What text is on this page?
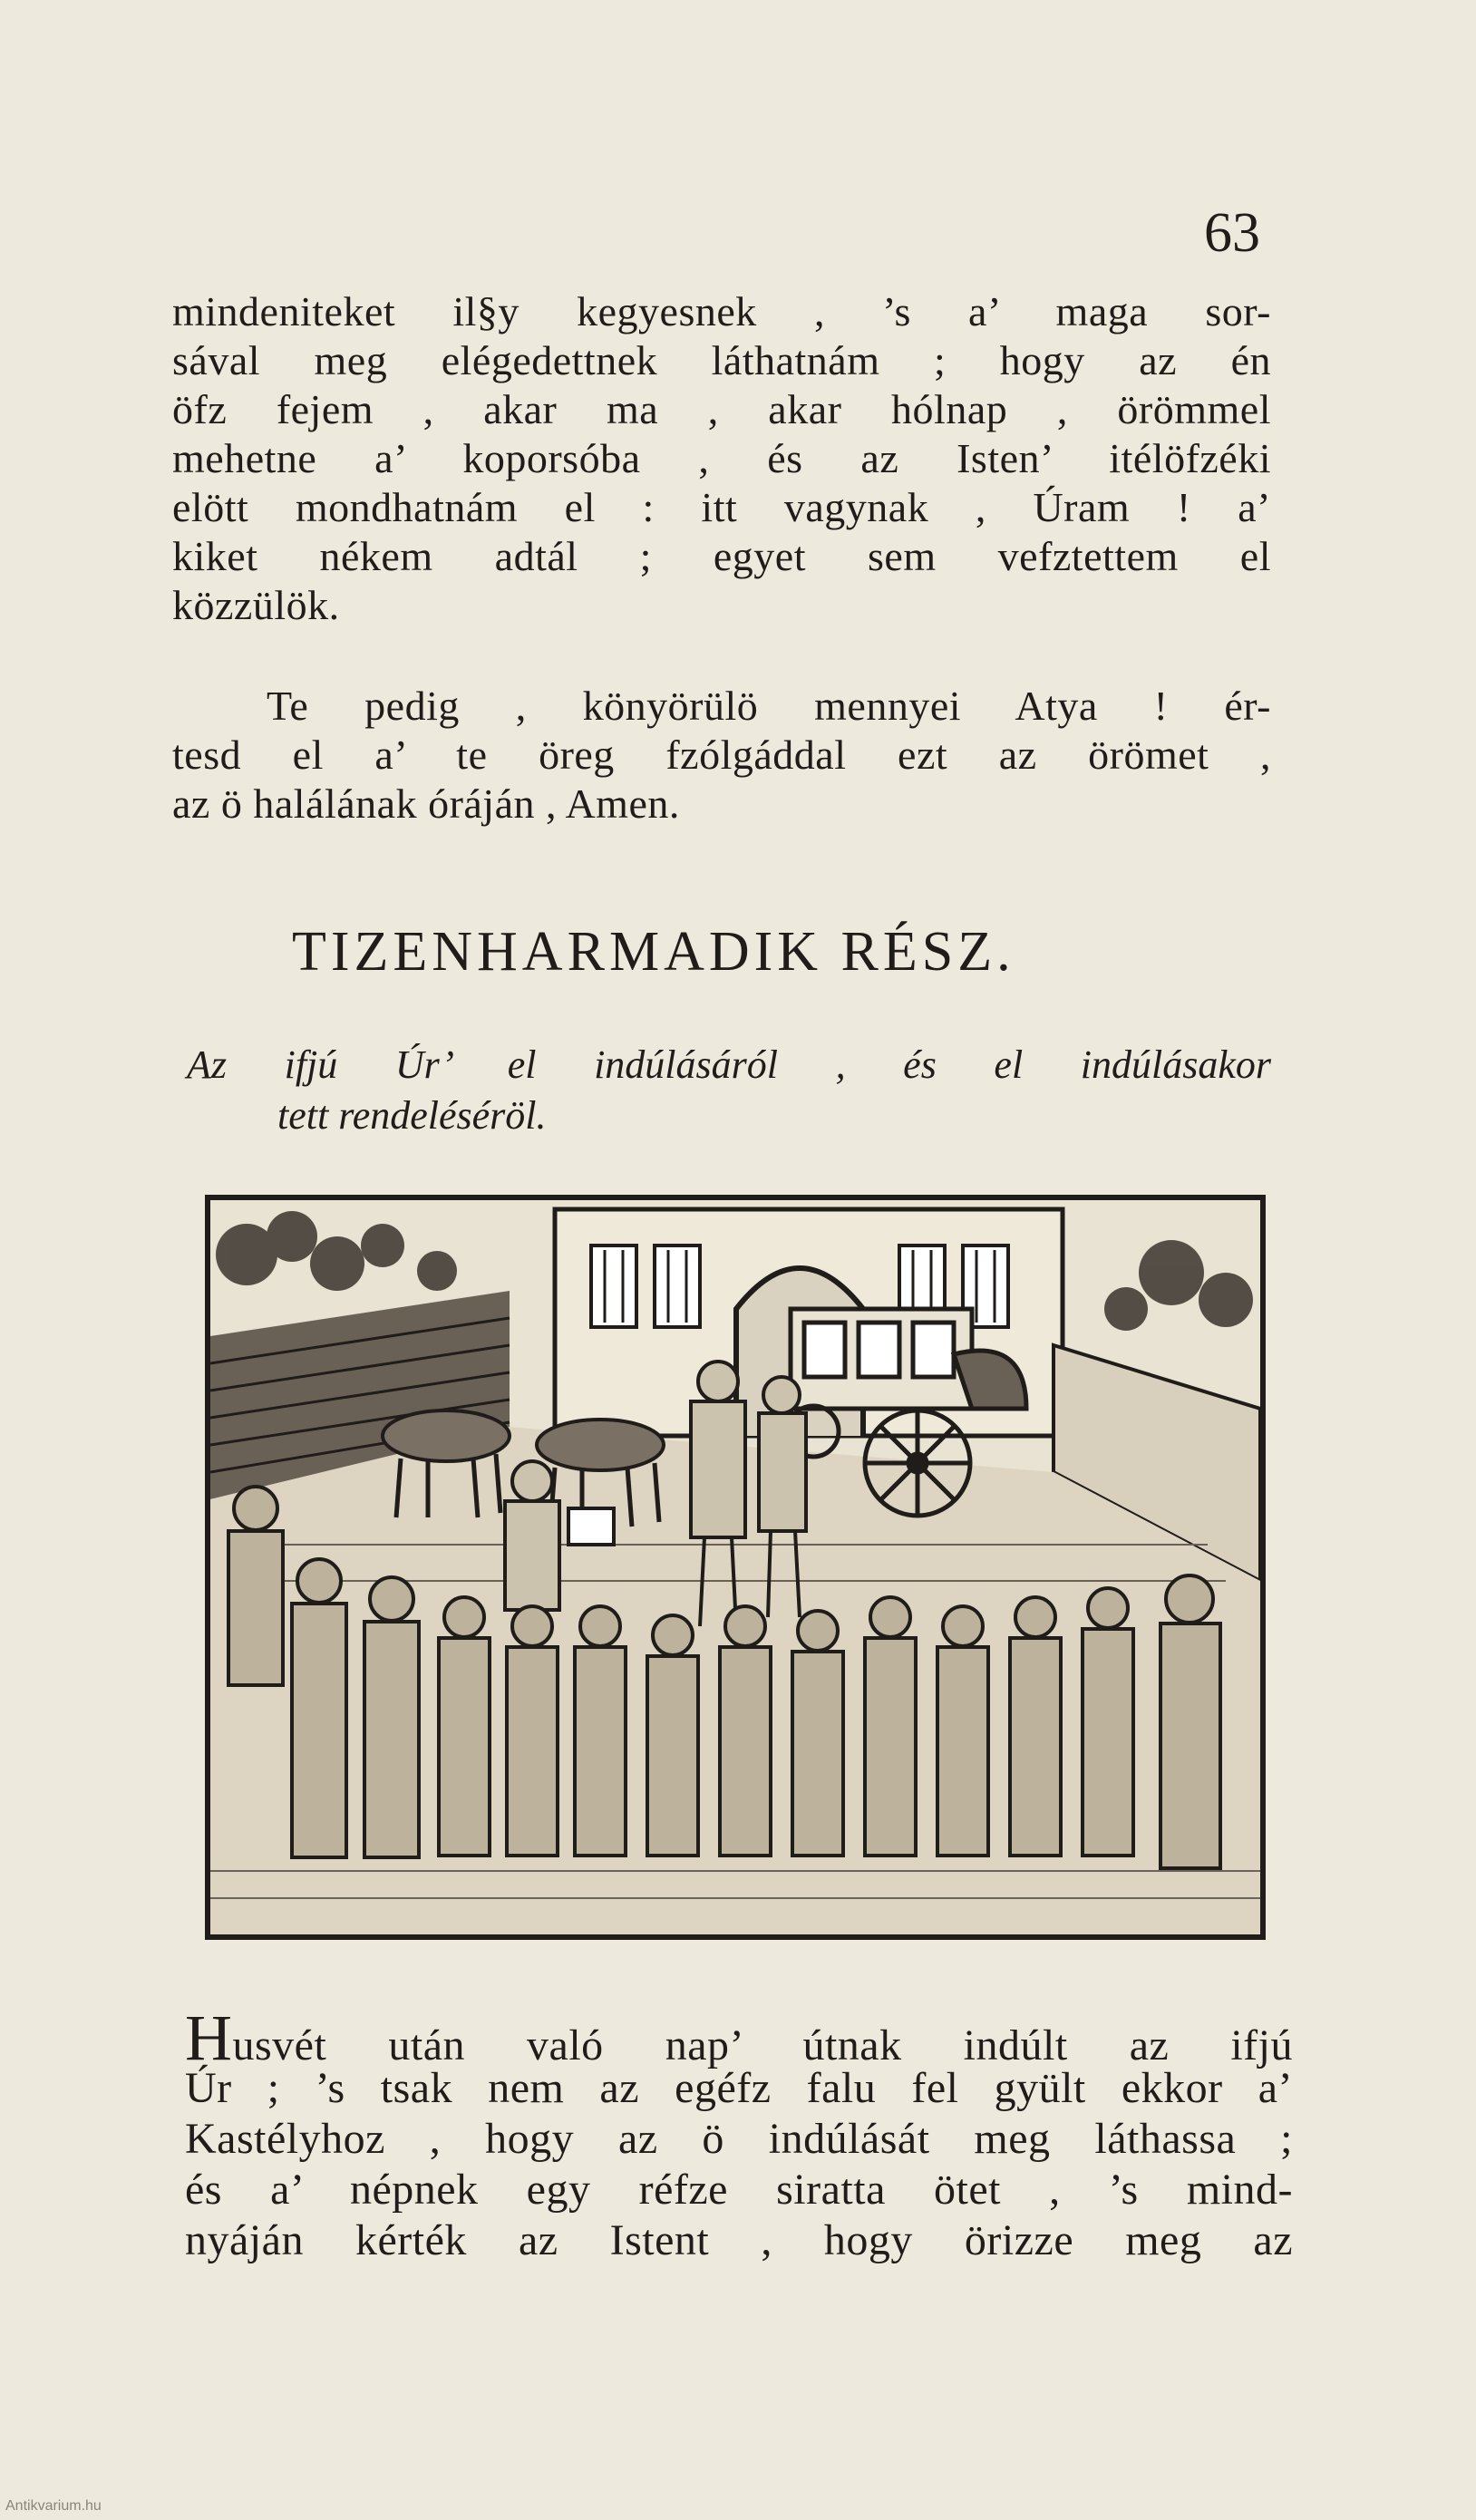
63
mindeniteket il§y kegyesnek , ’s a’ maga sor-
sával meg elégedettnek láthatnám ; hogy az én
öfz fejem , akar ma , akar hólnap , örömmel
mehetne a’ koporsóba , és az Isten’ itélöfzéki
elött mondhatnám el : itt vagynak , Úram ! a’
kiket nékem adtál ; egyet sem vefztettem el
közzülök.
Te pedig , könyörülö mennyei Atya ! ér-
tesd el a’ te öreg fzólgáddal ezt az örömet ,
az ö halálának óráján , Amen.
TIZENHARMADIK RÉSZ.
Az ifjú Úr’ el indúlásáról , és el indúlásakor
tett rendeléséröl.
Husvét után való nap’ útnak indúlt az ifjú
Úr ; ’s tsak nem az egéfz falu fel gyült ekkor a’
Kastélyhoz , hogy az ö indúlását meg láthassa ;
és a’ népnek egy réfze siratta ötet , ’s mind-
nyáján kérték az Istent , hogy örizze meg az
Antikvarium.hu
